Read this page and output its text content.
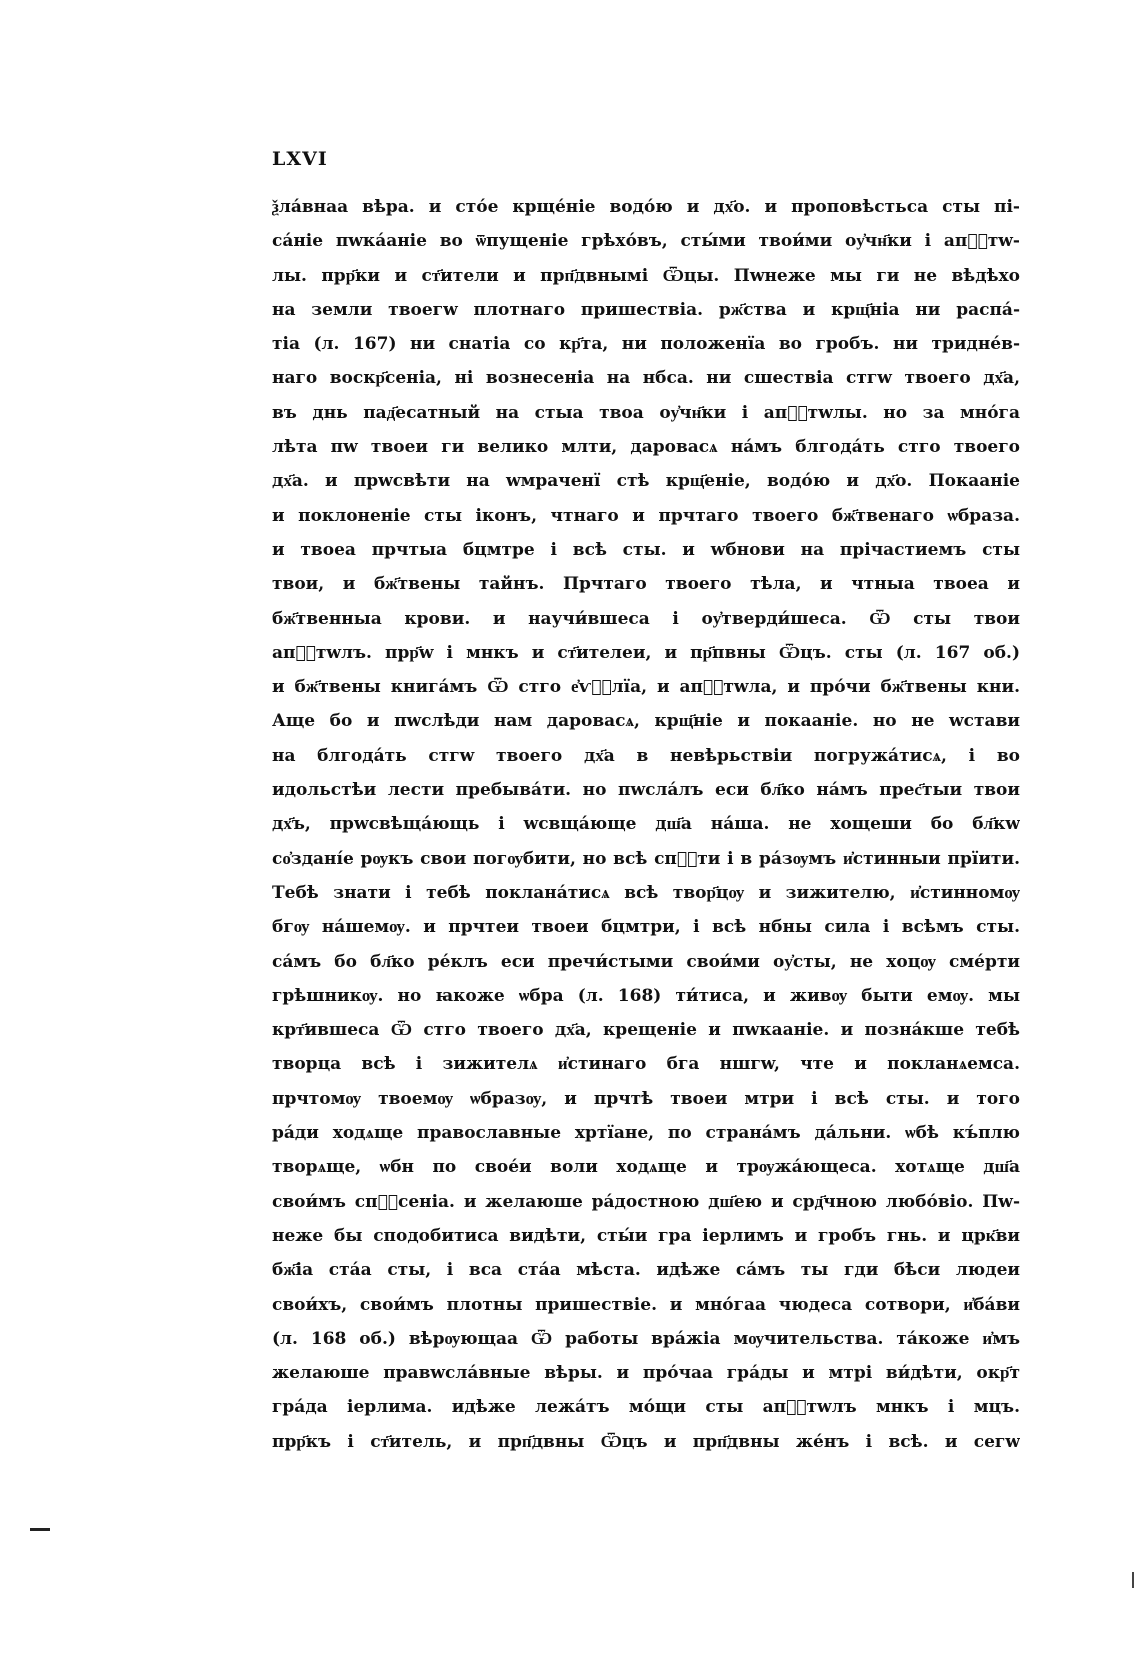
LXVI
ѯла́внаа вѣра. и сто́е крще́ніе водо́ю и дх҃о. и проповѣстьса сты пі-
са́ніе пwка́аніе во ѿпущеніе грѣхо́въ, сты́ми твои́ми оу҆чн҃ки і апⷭ҇тw-
лы. прр҃ки и ст҃ители и прп҃двнымі Ѿцы. Пwнеже мы ги не вѣдѣхо
на земли твоегw плотнаго пришествіа. рж҃ства и крщ҃ніа ни распа́-
тіа (л. 167) ни снатіа со кр҃та, ни положенїа во гробъ. ни тридне́в-
наго воскр҃сеніа, ні вознесеніа на нбса. ни сшествіа стгw твоего дх҃а,
въ днь пад҃есатный на стыа твоа оу҆чн҃ки і апⷭ҇тwлы. но за мно́га
лѣта пw твоеи ги велико млти, даровасѧ на́мъ блгода́ть стго твоего
дх҃а. и прwсвѣти на wмраченї стѣ крщ҃еніе, водо́ю и дх҃о. Покааніе
и поклоненіе сты іконъ, чтнаго и прчтаго твоего бж҃твенаго ѡбраза.
и твоеа прчтыа бцмтре і всѣ сты. и wбнови на прічастиемъ сты
твои, и бж҃твены тайнъ. Прчтаго твоего тѣла, и чтныа твоеа и
бж҃твенныа крови. и научи́вшеса і оу҆тверди́шеса. Ѿ сты твои
апⷭ҇тwлъ. прр҃w і мнкъ и ст҃ителеи, и пр҃пвны Ѿцъ. сты (л. 167 об.)
и бж҃твены книга́мъ Ѿ стго е҆ѵⷢ҇лїа, и апⷭ҇тwла, и про́чи бж҃твены кни.
Аще бо и пwслѣди нам даровасѧ, крщ҃ніе и покааніе. но не wстави
на блгода́ть стгw твоего дх҃а в невѣрьствіи погружа́тисѧ, і во
идольстѣи лести пребыва́ти. но пwсла́лъ еси бл҃ко на́мъ прес҃тыи твои
дх҃ъ, прwсвѣща́ющь і wсвща́юще дш҃а на́ша. не хощеши бо бл҃кw
со҆здані́е рѹкъ свои погѹбити, но всѣ спⷭ҇ти і в ра́зѹмъ и҆стинныи прїити.
Тебѣ знати і тебѣ поклана́тисѧ всѣ твор҃цѹ и зижителю, и҆стинномѹ
бгѹ на́шемѹ. и прчтеи твоеи бцмтри, і всѣ нбны сила і всѣмъ сты.
са́мъ бо бл҃ко ре́клъ еси пречи́стыми свои́ми оу҆сты, не хоцѹ сме́рти
грѣшникѹ. но ꙗкоже ѡбра (л. 168) ти́тиса, и живѹ быти емѹ. мы
крт҃ившеса Ѿ стго твоего дх҃а, крещеніе и пwкааніе. и позна́кше тебѣ
творца всѣ і зижителѧ и҆стинаго бга ншгw, чте и покланѧемса.
прчтомѹ твоемѹ ѡбразѹ, и прчтѣ твоеи мтри і всѣ сты. и того
ра́ди ходѧще православные хртїане, по страна́мъ да́льни. ѡбѣ къ́плю
творѧще, ѡбн по свое́и воли ходѧще и трѹжа́ющеса. хотѧще дш҃а
свои́мъ спⷭ҇сеніа. и желаюше ра́достною дш҃ею и срд҃чною любо́віо. Пw-
неже бы сподобитиса видѣти, сты́и гра іерлимъ и гробъ гнь. и црк҃ви
бж҃іа ста́а сты, і вса ста́а мѣста. идѣже са́мъ ты гди бѣси людеи
свои́хъ, свои́мъ плотны пришествіе. и мно́гаа чюдеса сотвори, и҆ба́ви
(л. 168 об.) вѣрѹющаа Ѿ работы вра́жіа мѹчительства. та́коже и҆мъ
желаюше правwсла́вные вѣры. и про́чаа гра́ды и мтрі ви́дѣти, окр҃т
гра́да іерлима. идѣже лежа́тъ мо́щи сты апⷭ҇тwлъ мнкъ і мцъ.
прр҃къ і ст҃итель, и прп҃двны Ѿцъ и прп҃двны же́нъ і всѣ. и сегw
